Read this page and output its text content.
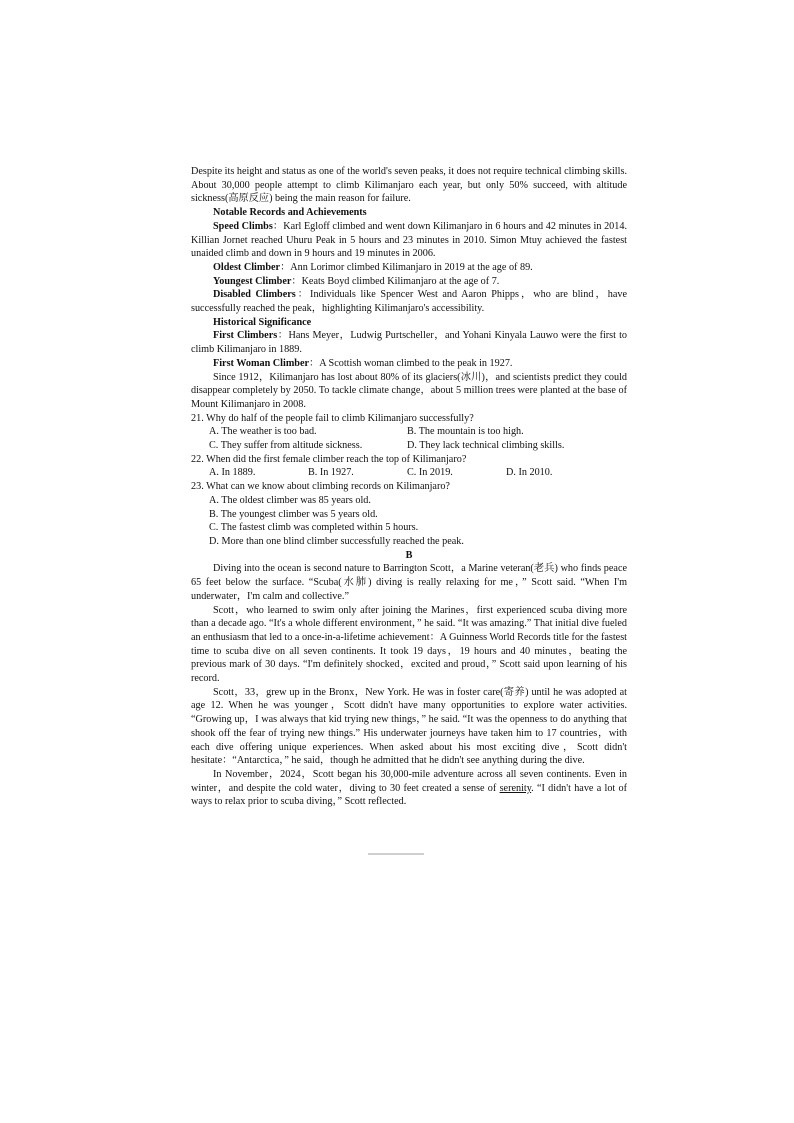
Despite its height and status as one of the world's seven peaks, it does not require technical climbing skills. About 30,000 people attempt to climb Kilimanjaro each year, but only 50% succeed, with altitude sickness(高原反应) being the main reason for failure.

Notable Records and Achievements

Speed Climbs：Karl Egloff climbed and went down Kilimanjaro in 6 hours and 42 minutes in 2014. Killian Jornet reached Uhuru Peak in 5 hours and 23 minutes in 2010. Simon Mtuy achieved the fastest unaided climb and down in 9 hours and 19 minutes in 2006.

Oldest Climber：Ann Lorimor climbed Kilimanjaro in 2019 at the age of 89.

Youngest Climber：Keats Boyd climbed Kilimanjaro at the age of 7.

Disabled Climbers：Individuals like Spencer West and Aaron Phipps，who are blind，have successfully reached the peak，highlighting Kilimanjaro's accessibility.

Historical Significance

First Climbers：Hans Meyer，Ludwig Purtscheller，and Yohani Kinyala Lauwo were the first to climb Kilimanjaro in 1889.

First Woman Climber：A Scottish woman climbed to the peak in 1927.

Since 1912，Kilimanjaro has lost about 80% of its glaciers(冰川)，and scientists predict they could disappear completely by 2050. To tackle climate change，about 5 million trees were planted at the base of Mount Kilimanjaro in 2008.

21. Why do half of the people fail to climb Kilimanjaro successfully?

A. The weather is too bad.	B. The mountain is too high.
C. They suffer from altitude sickness.	D. They lack technical climbing skills.

22. When did the first female climber reach the top of Kilimanjaro?

A. In 1889.	B. In 1927.	C. In 2019.	D. In 2010.

23. What can we know about climbing records on Kilimanjaro?

A. The oldest climber was 85 years old.

B. The youngest climber was 5 years old.

C. The fastest climb was completed within 5 hours.

D. More than one blind climber successfully reached the peak.

B

Diving into the ocean is second nature to Barrington Scott，a Marine veteran(老兵) who finds peace 65 feet below the surface. “Scuba(水肺) diving is really relaxing for me，” Scott said. “When I'm underwater，I'm calm and collective.”

Scott，who learned to swim only after joining the Marines，first experienced scuba diving more than a decade ago. “It's a whole different environment，” he said. “It was amazing.” That initial dive fueled an enthusiasm that led to a once-in-a-lifetime achievement：A Guinness World Records title for the fastest time to scuba dive on all seven continents. It took 19 days，19 hours and 40 minutes，beating the previous mark of 30 days. “I'm definitely shocked，excited and proud，” Scott said upon learning of his record.

Scott，33，grew up in the Bronx，New York. He was in foster care(寄养) until he was adopted at age 12. When he was younger，Scott didn't have many opportunities to explore water activities. “Growing up，I was always that kid trying new things，” he said. “It was the openness to do anything that shook off the fear of trying new things.” His underwater journeys have taken him to 17 countries，with each dive offering unique experiences. When asked about his most exciting dive，Scott didn't hesitate：“Antarctica，” he said，though he admitted that he didn't see anything during the dive.

In November，2024，Scott began his 30,000-mile adventure across all seven continents. Even in winter，and despite the cold water，diving to 30 feet created a sense of serenity. “I didn't have a lot of ways to relax prior to scuba diving，” Scott reflected.
